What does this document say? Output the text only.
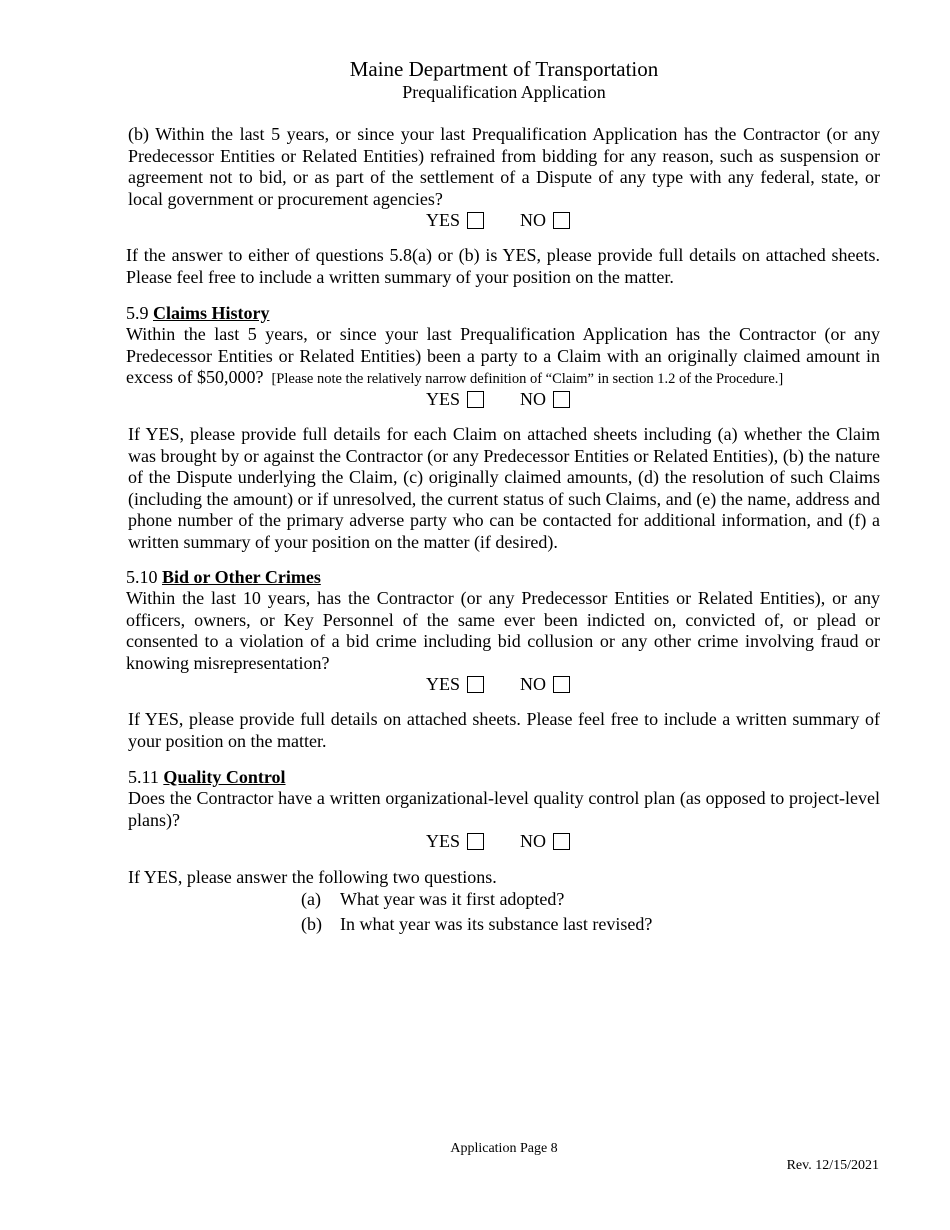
Maine Department of Transportation
Prequalification Application

(b) Within the last 5 years, or since your last Prequalification Application has the Contractor (or any Predecessor Entities or Related Entities) refrained from bidding for any reason, such as suspension or agreement not to bid, or as part of the settlement of a Dispute of any type with any federal, state, or local government or procurement agencies?

YES	NO

If the answer to either of questions 5.8(a) or (b) is YES, please provide full details on attached sheets. Please feel free to include a written summary of your position on the matter.

5.9 Claims History

Within the last 5 years, or since your last Prequalification Application has the Contractor (or any Predecessor Entities or Related Entities) been a party to a Claim with an originally claimed amount in excess of $50,000? [Please note the relatively narrow definition of “Claim” in section 1.2 of the Procedure.]

YES	NO

If YES, please provide full details for each Claim on attached sheets including (a) whether the Claim was brought by or against the Contractor (or any Predecessor Entities or Related Entities), (b) the nature of the Dispute underlying the Claim, (c) originally claimed amounts, (d) the resolution of such Claims (including the amount) or if unresolved, the current status of such Claims, and (e) the name, address and phone number of the primary adverse party who can be contacted for additional information, and (f) a written summary of your position on the matter (if desired).

5.10 Bid or Other Crimes

Within the last 10 years, has the Contractor (or any Predecessor Entities or Related Entities), or any officers, owners, or Key Personnel of the same ever been indicted on, convicted of, or plead or consented to a violation of a bid crime including bid collusion or any other crime involving fraud or knowing misrepresentation?

YES	NO

If YES, please provide full details on attached sheets. Please feel free to include a written summary of your position on the matter.

5.11 Quality Control

Does the Contractor have a written organizational-level quality control plan (as opposed to project-level plans)?

YES	NO

If YES, please answer the following two questions.

(a) What year was it first adopted?
(b) In what year was its substance last revised?
Application Page 8
Rev. 12/15/2021
